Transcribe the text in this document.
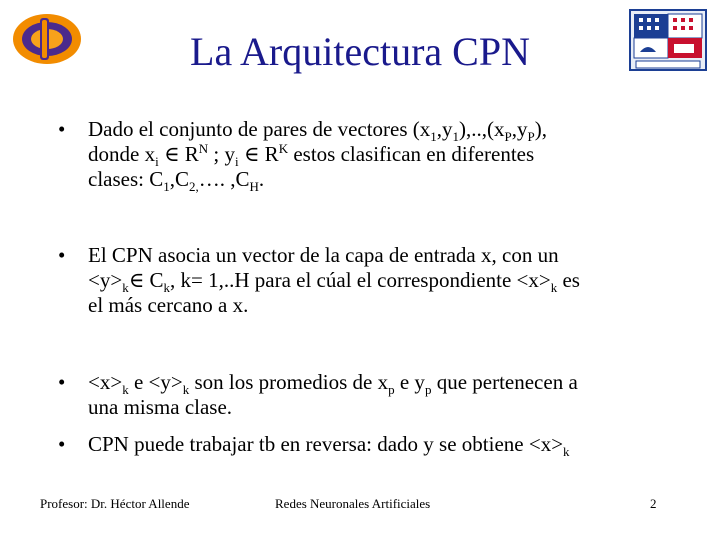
La Arquitectura CPN
• Dado el conjunto de pares de vectores $(x_1,y_1),..,(x_P,y_P)$,
donde $x_i$ ∈ $R^N$ ; $y_i$ ∈ $R^K$ estos clasifican en diferentes
clases: $C_1,C_{2,}\dots$. $,C_H$.
• El CPN asocia un vector de la capa de entrada x, con un
$<y>_k\in$ $C_k$, k= 1,..H para el cúal el correspondiente $<x>_k$ es
el más cercano a x.
• $<x>_k$ $e <y>_k$ son los promedios de $x_p$ e $y_p$ que pertenecen a
una misma clase.
• CPN puede trabajar tb en reversa: dado y se obtiene $<x>_k$
Profesor: Dr. Héctor Allende	Redes Neuronales Artificiales	2
